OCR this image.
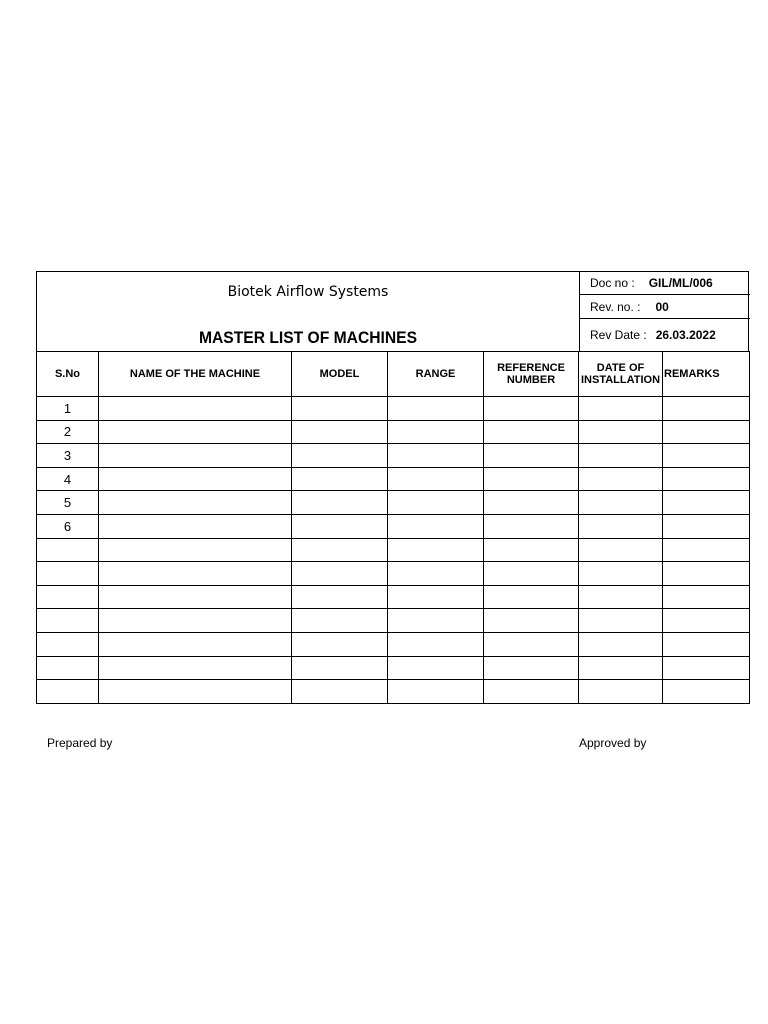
Biotek Airflow Systems
MASTER LIST OF MACHINES
Doc no : GIL/ML/006
Rev. no. : 00
Rev Date : 26.03.2022
S.No	NAME OF THE MACHINE	MODEL	RANGE	REFERENCE NUMBER	DATE OF INSTALLATION	REMARKS
1						
2						
3						
4						
5						
6						

Prepared by	Approved by
